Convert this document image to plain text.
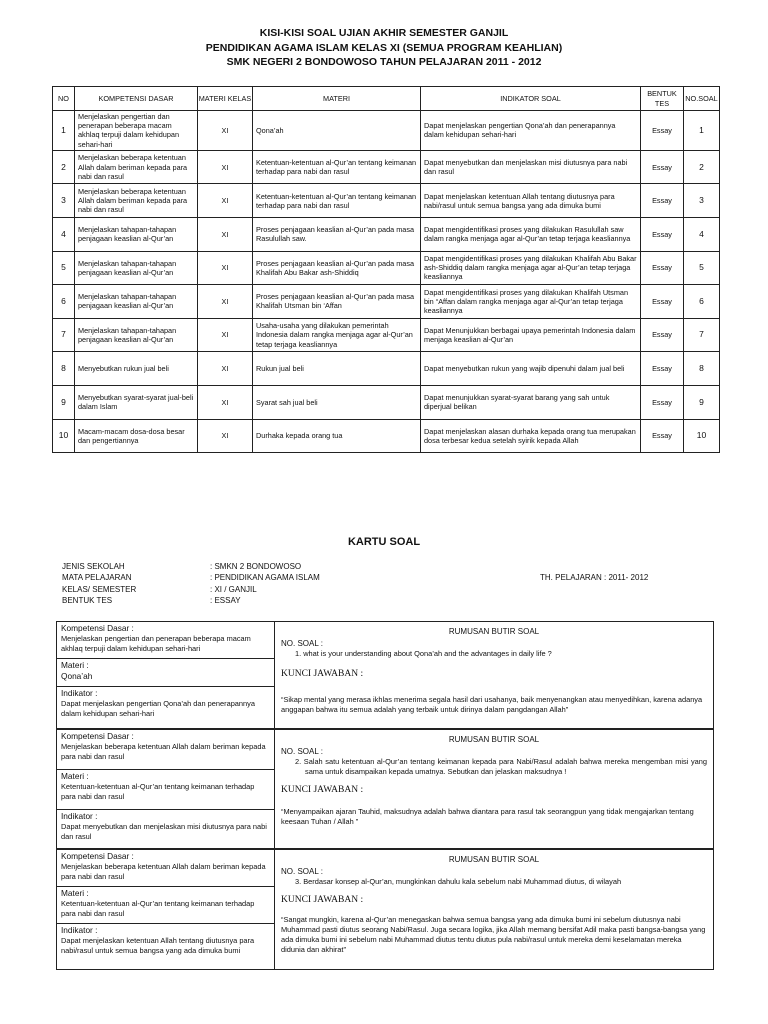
KISI-KISI SOAL UJIAN AKHIR SEMESTER GANJIL
PENDIDIKAN AGAMA ISLAM KELAS XI (SEMUA PROGRAM KEAHLIAN)
SMK NEGERI 2 BONDOWOSO TAHUN PELAJARAN 2011 - 2012
NO	KOMPETENSI DASAR	MATERI KELAS	MATERI	INDIKATOR SOAL	BENTUK TES	NO.SOAL
1	Menjelaskan pengertian dan penerapan beberapa macam akhlaq terpuji dalam kehidupan sehari-hari	XI	Qona’ah	Dapat menjelaskan pengertian Qona’ah dan penerapannya dalam kehidupan sehari-hari	Essay	1
2	Menjelaskan beberapa ketentuan Allah dalam beriman kepada para nabi dan rasul	XI	Ketentuan-ketentuan al-Qur’an tentang keimanan terhadap para nabi dan rasul	Dapat menyebutkan dan menjelaskan misi diutusnya para nabi dan rasul	Essay	2
3	Menjelaskan beberapa ketentuan Allah dalam beriman kepada para nabi dan rasul	XI	Ketentuan-ketentuan al-Qur’an tentang keimanan terhadap para nabi dan rasul	Dapat menjelaskan ketentuan Allah tentang diutusnya para nabi/rasul untuk semua bangsa yang ada dimuka bumi	Essay	3
4	Menjelaskan tahapan-tahapan penjagaan keaslian al-Qur’an	XI	Proses penjagaan keaslian al-Qur’an pada masa Rasulullah saw.	Dapat mengidentifikasi proses yang dilakukan Rasulullah saw dalam rangka menjaga agar al-Qur’an tetap terjaga keasliannya	Essay	4
5	Menjelaskan tahapan-tahapan penjagaan keaslian al-Qur’an	XI	Proses penjagaan keaslian al-Qur’an pada masa Khalifah Abu Bakar ash-Shiddiq	Dapat mengidentifikasi proses yang dilakukan Khalifah Abu Bakar ash-Shiddiq dalam rangka menjaga agar al-Qur’an tetap terjaga keasliannya	Essay	5
6	Menjelaskan tahapan-tahapan penjagaan keaslian al-Qur’an	XI	Proses penjagaan keaslian al-Qur’an pada masa Khalifah Utsman bin ‘Affan	Dapat mengidentifikasi proses yang dilakukan Khalifah Utsman bin “Affan dalam rangka menjaga agar al-Qur’an tetap terjaga keasliannya	Essay	6
7	Menjelaskan tahapan-tahapan penjagaan keaslian al-Qur’an	XI	Usaha-usaha yang dilakukan pemerintah Indonesia dalam rangka menjaga agar al-Qur’an tetap terjaga keasliannya	Dapat Menunjukkan berbagai upaya pemerintah Indonesia dalam menjaga keaslian al-Qur’an	Essay	7
8	Menyebutkan rukun jual beli	XI	Rukun jual beli	Dapat menyebutkan rukun yang wajib dipenuhi dalam jual beli	Essay	8
9	Menyebutkan syarat-syarat jual-beli dalam Islam	XI	Syarat sah jual beli	Dapat menunjukkan syarat-syarat barang yang sah untuk diperjual belikan	Essay	9
10	Macam-macam dosa-dosa besar dan pengertiannya	XI	Durhaka kepada orang tua	Dapat menjelaskan alasan durhaka kepada orang tua merupakan dosa terbesar kedua setelah syirik kepada Allah	Essay	10
KARTU SOAL
JENIS SEKOLAH	: SMKN 2 BONDOWOSO
MATA PELAJARAN	: PENDIDIKAN AGAMA ISLAM	TH. PELAJARAN : 2011- 2012
KELAS/ SEMESTER	: XI / GANJIL
BENTUK TES	: ESSAY
Kompetensi Dasar :
Menjelaskan pengertian dan penerapan beberapa macam akhlaq terpuji dalam kehidupan sehari-hari
Materi :
Qona’ah
Indikator :
Dapat menjelaskan pengertian Qona’ah dan penerapannya dalam kehidupan sehari-hari
RUMUSAN BUTIR SOAL
NO. SOAL :
1. what is your understanding about Qona’ah and the advantages in daily life ?
KUNCI JAWABAN :
“Sikap mental yang merasa ikhlas menerima segala hasil dari usahanya, baik menyenangkan atau menyedihkan, karena adanya anggapan bahwa itu semua adalah yang terbaik untuk dirinya dalam pangdangan Allah”
Kompetensi Dasar :
Menjelaskan beberapa ketentuan Allah dalam beriman kepada para nabi dan rasul
Materi :
Ketentuan-ketentuan al-Qur’an tentang keimanan terhadap para nabi dan rasul
Indikator :
Dapat menyebutkan dan menjelaskan misi diutusnya para nabi dan rasul
RUMUSAN BUTIR SOAL
NO. SOAL :
2. Salah satu ketentuan al-Qur’an tentang keimanan kepada para Nabi/Rasul adalah bahwa mereka mengemban misi yang sama untuk disampaikan kepada umatnya. Sebutkan dan jelaskan maksudnya !
KUNCI JAWABAN :
“Menyampaikan ajaran Tauhid, maksudnya adalah bahwa diantara para rasul tak seorangpun yang tidak mengajarkan tentang keesaan Tuhan / Allah ”
Kompetensi Dasar :
Menjelaskan beberapa ketentuan Allah dalam beriman kepada para nabi dan rasul
Materi :
Ketentuan-ketentuan al-Qur’an tentang keimanan terhadap para nabi dan rasul
Indikator :
Dapat menjelaskan ketentuan Allah tentang diutusnya para nabi/rasul untuk semua bangsa yang ada dimuka bumi
RUMUSAN BUTIR SOAL
NO. SOAL :
3. Berdasar konsep al-Qur’an, mungkinkan dahulu kala sebelum nabi Muhammad diutus, di wilayah
KUNCI JAWABAN :
“Sangat mungkin, karena al-Qur’an menegaskan bahwa semua bangsa yang ada dimuka bumi ini sebelum diutusnya nabi Muhammad pasti diutus seorang Nabi/Rasul. Juga secara logika, jika Allah memang bersifat Adil maka pasti bangsa-bangsa yang ada dimuka bumi ini sebelum nabi Muhammad diutus tentu diutus pula nabi/rasul untuk mereka demi keselamatan mereka didunia dan akhirat”
